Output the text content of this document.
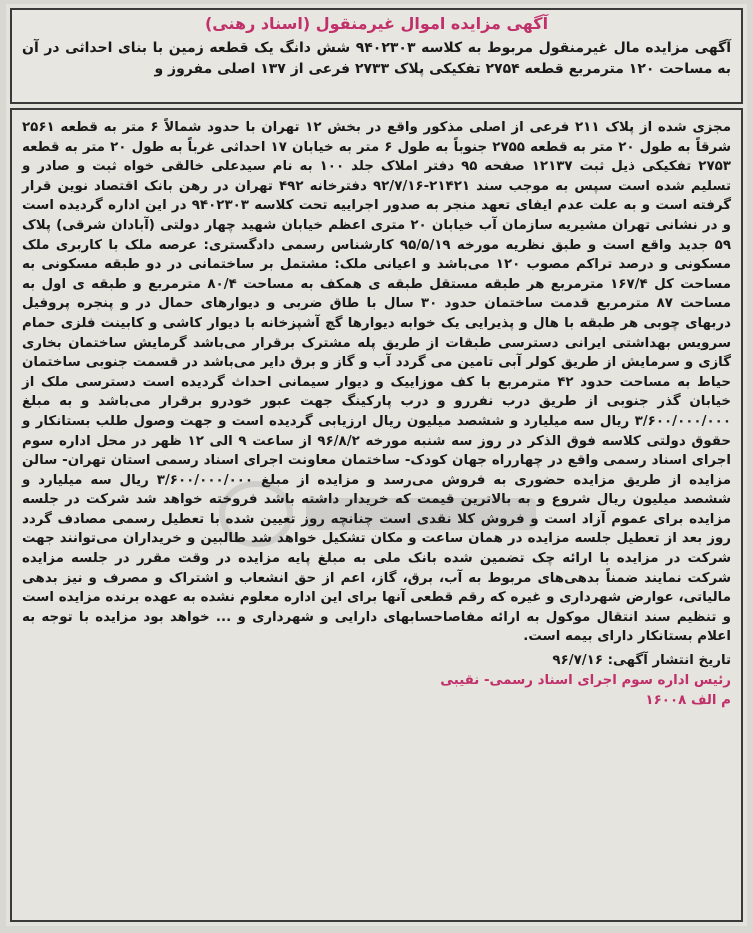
آگهی مزایده اموال غیرمنقول (اسناد رهنی)

آگهی مزایده مال غیرمنقول مربوط به کلاسه ۹۴۰۲۳۰۳ شش دانگ یک قطعه زمین با بنای احداثی در آن به مساحت ۱۲۰ مترمربع قطعه ۲۷۵۴ تفکیکی پلاک ۲۷۳۳ فرعی از ۱۳۷ اصلی مفروز و

مجزی شده از پلاک ۲۱۱ فرعی از اصلی مذکور واقع در بخش ۱۲ تهران با حدود شمالاً ۶ متر به قطعه ۲۵۶۱ شرقاً به طول ۲۰ متر به قطعه ۲۷۵۵ جنوباً به طول ۶ متر به خیابان ۱۷ احداثی غرباً به طول ۲۰ متر به قطعه ۲۷۵۳ تفکیکی ذیل ثبت ۱۲۱۳۷ صفحه ۹۵ دفتر املاک جلد ۱۰۰ به نام سیدعلی خالقی خواه ثبت و صادر و تسلیم شده است سپس به موجب سند ۲۱۴۲۱-۹۲/۷/۱۶ دفترخانه ۴۹۲ تهران در رهن بانک اقتصاد نوین قرار گرفته است و به علت عدم ایفای تعهد منجر به صدور اجراییه تحت کلاسه ۹۴۰۲۳۰۳ در این اداره گردیده است و در نشانی تهران مشیریه سازمان آب خیابان ۲۰ متری اعظم خیابان شهید چهار دولتی (آبادان شرقی) پلاک ۵۹ جدید واقع است و طبق نظریه مورخه ۹۵/۵/۱۹ کارشناس رسمی دادگستری: عرصه ملک با کاربری ملک مسکونی و درصد تراکم مصوب ۱۲۰ می‌باشد و اعیانی ملک: مشتمل بر ساختمانی در دو طبقه مسکونی به مساحت کل ۱۶۷/۴ مترمربع هر طبقه مستقل طبقه ی همکف به مساحت ۸۰/۴ مترمربع و طبقه ی اول به مساحت ۸۷ مترمربع قدمت ساختمان حدود ۳۰ سال با طاق ضربی و دیوارهای حمال در و پنجره پروفیل دربهای چوبی هر طبقه با هال و پذیرایی یک خوابه دیوارها گچ آشپزخانه با دیوار کاشی و کابینت فلزی حمام سرویس بهداشتی ایرانی دسترسی طبقات از طریق پله مشترک برقرار می‌باشد گرمایش ساختمان بخاری گازی و سرمایش از طریق کولر آبی تامین می گردد آب و گاز و برق دایر می‌باشد در قسمت جنوبی ساختمان حیاط به مساحت حدود ۴۲ مترمربع با کف موزاییک و دیوار سیمانی احداث گردیده است دسترسی ملک از خیابان گذر جنوبی از طریق درب نفررو و درب پارکینگ جهت عبور خودرو برقرار می‌باشد و به مبلغ ۳/۶۰۰/۰۰۰/۰۰۰ ریال سه میلیارد و ششصد میلیون ریال ارزیابی گردیده است و جهت وصول طلب بستانکار و حقوق دولتی کلاسه فوق الذکر در روز سه شنبه مورخه ۹۶/۸/۲ از ساعت ۹ الی ۱۲ ظهر در محل اداره سوم اجرای اسناد رسمی واقع در چهارراه جهان کودک- ساختمان معاونت اجرای اسناد رسمی استان تهران- سالن مزایده از طریق مزایده حضوری به فروش می‌رسد و مزایده از مبلغ ۳/۶۰۰/۰۰۰/۰۰۰ ریال سه میلیارد و ششصد میلیون ریال شروع و به بالاترین قیمت که خریدار داشته باشد فروخته خواهد شد شرکت در جلسه مزایده برای عموم آزاد است و فروش کلا نقدی است چنانچه روز تعیین شده با تعطیل رسمی مصادف گردد روز بعد از تعطیل جلسه مزایده در همان ساعت و مکان تشکیل خواهد شد طالبین و خریداران می‌توانند جهت شرکت در مزایده با ارائه چک تضمین شده بانک ملی به مبلغ پایه مزایده در وقت مقرر در جلسه مزایده شرکت نمایند ضمناً بدهی‌های مربوط به آب، برق، گاز، اعم از حق انشعاب و اشتراک و مصرف و نیز بدهی مالیاتی، عوارض شهرداری و غیره که رقم قطعی آنها برای این اداره معلوم نشده به عهده برنده مزایده است و تنظیم سند انتقال موکول به ارائه مفاصاحسابهای دارایی و شهرداری و ... خواهد بود مزایده با توجه به اعلام بستانکار دارای بیمه است.

تاریخ انتشار آگهی: ۹۶/۷/۱۶
رئیس اداره سوم اجرای اسناد رسمی- نقیبی
م الف ۱۶۰۰۸
